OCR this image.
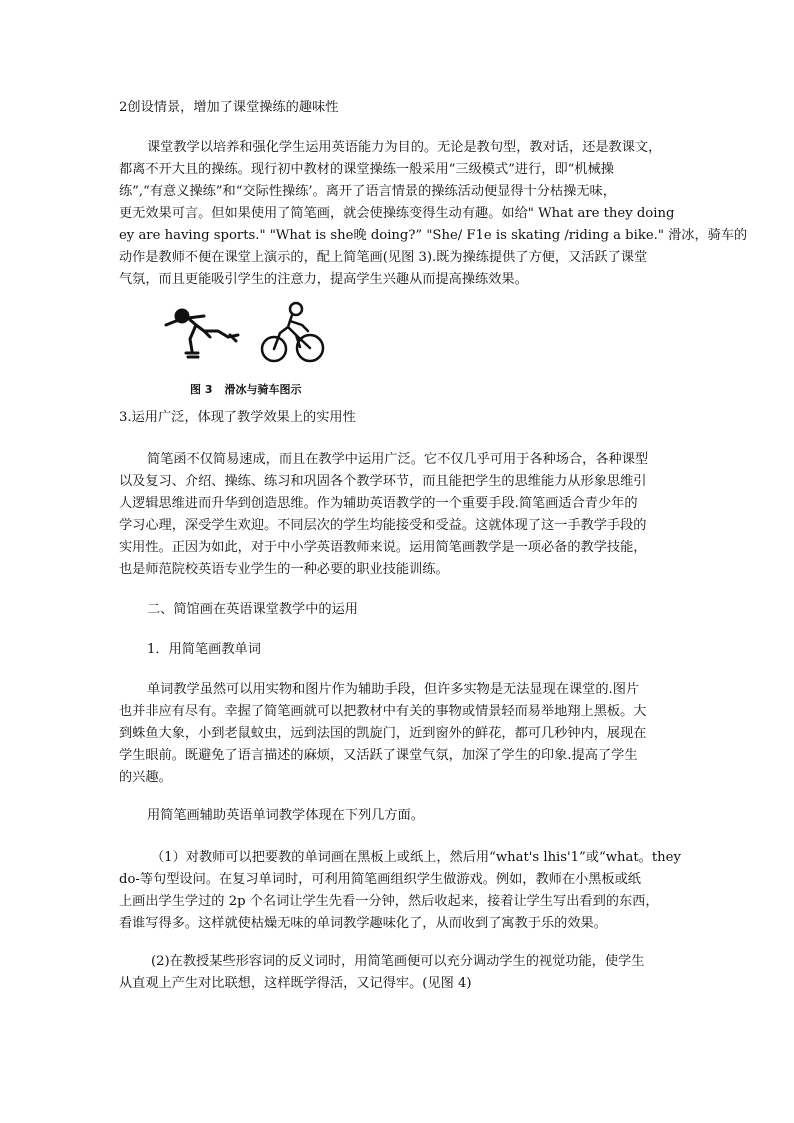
2创设情景，增加了课堂操练的趣味性
课堂教学以培养和强化学生运用英语能力为目的。无论是教句型，教对话，还是教课文，
都离不开大且的操练。现行初中教材的课堂操练一般采用“三级模式”进行，即“机械操
练”,“有意义操练”和“交际性操练’。离开了语言情景的操练活动便显得十分枯操无味，
更无效果可言。但如果使用了简笔画，就会使操练变得生动有趣。如给" What are they doing
ey are having sports." "What is she晚 doing?” "She/ F1e is skating /riding a bike." 滑冰，骑车的
动作是教师不便在课堂上演示的，配上简笔画(见图 3).既为操练提供了方便，又活跃了课堂
气氛，而且更能吸引学生的注意力，提高学生兴趣从而提高操练效果。
图 3 滑冰与骑车图示
3.运用广泛，体现了教学效果上的实用性
简笔函不仅简易速成，而且在教学中运用广泛。它不仅几乎可用于各种场合，各种课型
以及复习、介绍、操练、练习和巩固各个教学环节，而且能把学生的思维能力从形象思维引
人逻辑思维进而升华到创造思维。作为辅助英语教学的一个重要手段.简笔画适合青少年的
学习心理，深受学生欢迎。不同层次的学生均能接受和受益。这就体现了这一手教学手段的
实用性。正因为如此，对于中小学英语教师来说。运用简笔画教学是一项必备的教学技能，
也是师范院校英语专业学生的一种必要的职业技能训练。
二、简馆画在英语课堂教学中的运用
1．用简笔画教单词
单词教学虽然可以用实物和图片作为辅助手段，但许多实物是无法显现在课堂的.图片
也并非应有尽有。幸握了简笔画就可以把教材中有关的事物或情景轻而易举地翔上黑板。大
到蛛鱼大象，小到老鼠蚊虫，远到法国的凯旋门，近到窗外的鲜花，都可几秒钟内，展现在
学生眼前。既避免了语言描述的麻烦，又活跃了课堂气氛，加深了学生的印象.提高了学生
的兴趣。
用简笔画辅助英语单词教学体现在下列几方面。
（1）对教师可以把要教的单词画在黑板上或纸上，然后用“what's lhis'1”或“what。they
do-等句型设问。在复习单词时，可利用简笔画组织学生做游戏。例如，教师在小黑板或纸
上画出学生学过的 2p 个名词让学生先看一分钟，然后收起来，接着让学生写出看到的东西，
看谁写得多。这样就使枯燥无味的单词教学趣味化了，从而收到了寓教于乐的效果。
(2)在教授某些形容词的反义词时，用简笔画便可以充分调动学生的视觉功能，使学生
从直观上产生对比联想，这样既学得活，又记得牢。(见图 4)
